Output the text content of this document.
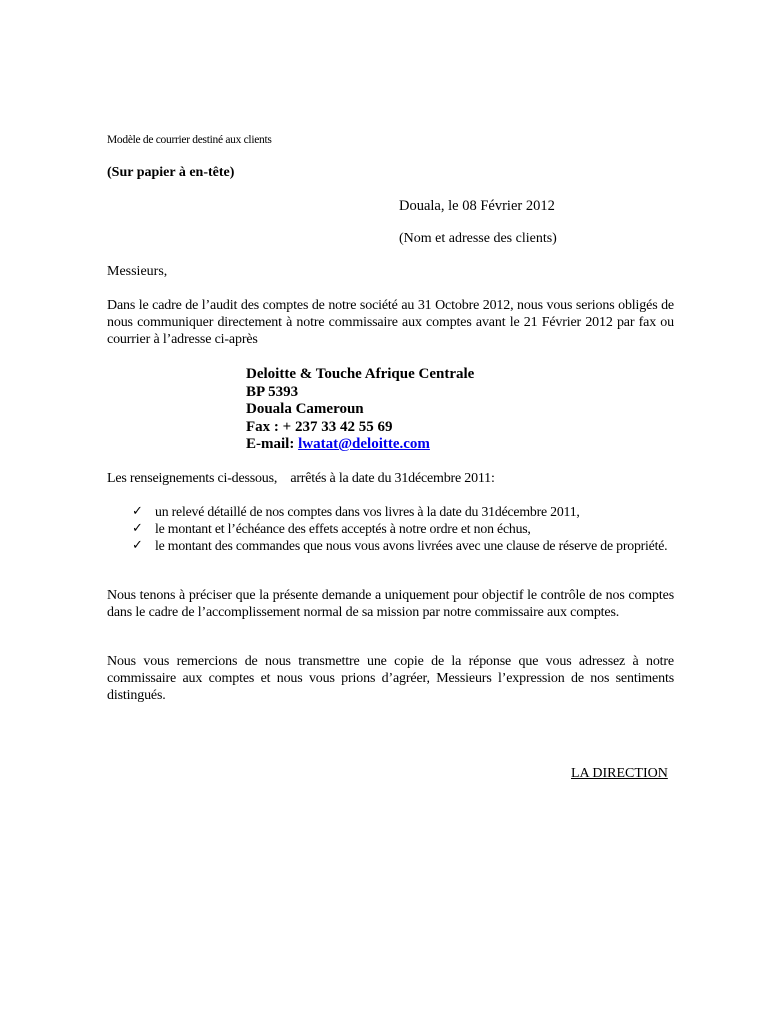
Modèle de courrier destiné aux clients
(Sur papier à en-tête)
Douala, le 08 Février 2012
(Nom et adresse des clients)
Messieurs,
Dans le cadre de l’audit des comptes de notre société au 31 Octobre 2012, nous vous serions obligés de nous communiquer directement à notre commissaire aux comptes avant le 21 Février 2012 par fax ou courrier à l’adresse ci-après
Deloitte & Touche Afrique Centrale
BP 5393
Douala Cameroun
Fax : + 237 33 42 55 69
E-mail: lwatat@deloitte.com
Les renseignements ci-dessous,    arrêtés à la date du 31décembre 2011:
✓ un relevé détaillé de nos comptes dans vos livres à la date du 31décembre 2011,
✓ le montant et l’échéance des effets acceptés à notre ordre et non échus,
✓ le montant des commandes que nous vous avons livrées avec une clause de réserve de propriété.
Nous tenons à préciser que la présente demande a uniquement pour objectif le contrôle de nos comptes dans le cadre de l’accomplissement normal de sa mission par notre commissaire aux comptes.
Nous vous remercions de nous transmettre une copie de la réponse que vous adressez à notre commissaire aux comptes et nous vous prions d’agréer, Messieurs l’expression de nos sentiments distingués.
LA DIRECTION
